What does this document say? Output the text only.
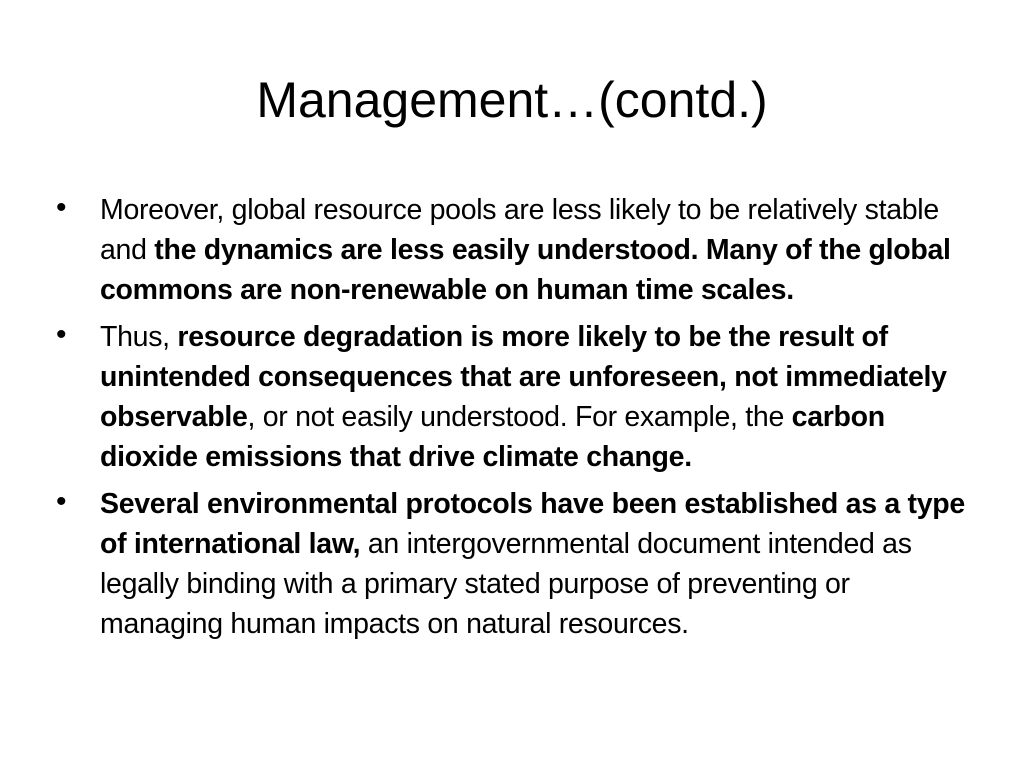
Management…(contd.)
• Moreover, global resource pools are less likely to be relatively stable and the dynamics are less easily understood. Many of the global commons are non-renewable on human time scales.
• Thus, resource degradation is more likely to be the result of unintended consequences that are unforeseen, not immediately observable, or not easily understood. For example, the carbon dioxide emissions that drive climate change.
• Several environmental protocols have been established as a type of international law, an intergovernmental document intended as legally binding with a primary stated purpose of preventing or managing human impacts on natural resources.
